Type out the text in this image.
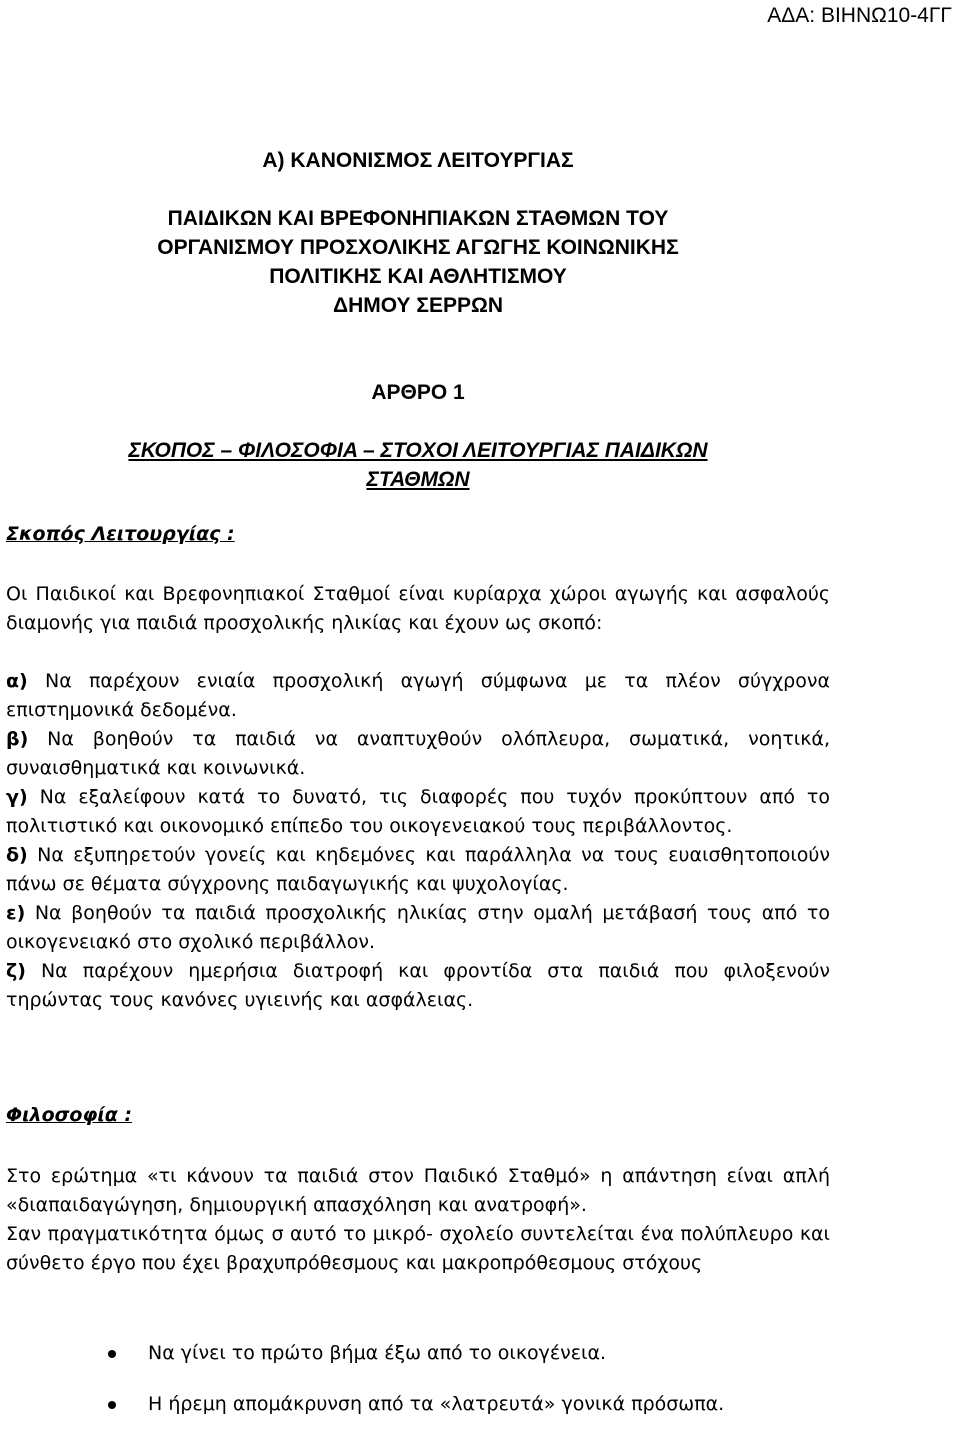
ΑΔΑ: ΒΙΗΝΩ10-4ΓΓ

Α) ΚΑΝΟΝΙΣΜΟΣ ΛΕΙΤΟΥΡΓΙΑΣ
ΠΑΙΔΙΚΩΝ ΚΑΙ ΒΡΕΦΟΝΗΠΙΑΚΩΝ ΣΤΑΘΜΩΝ ΤΟΥ
ΟΡΓΑΝΙΣΜΟΥ ΠΡΟΣΧΟΛΙΚΗΣ ΑΓΩΓΗΣ ΚΟΙΝΩΝΙΚΗΣ
ΠΟΛΙΤΙΚΗΣ ΚΑΙ ΑΘΛΗΤΙΣΜΟΥ
ΔΗΜΟΥ ΣΕΡΡΩΝ
ΑΡΘΡΟ 1
ΣΚΟΠΟΣ – ΦΙΛΟΣΟΦΙΑ – ΣΤΟΧΟΙ ΛΕΙΤΟΥΡΓΙΑΣ ΠΑΙΔΙΚΩΝ
ΣΤΑΘΜΩΝ
Σκοπός Λειτουργίας :

Οι Παιδικοί και Βρεφονηπιακοί Σταθμοί είναι κυρίαρχα χώροι αγωγής και ασφαλούς διαμονής για παιδιά προσχολικής ηλικίας και έχουν ως σκοπό:

α) Να παρέχουν ενιαία προσχολική αγωγή σύμφωνα με τα πλέον σύγχρονα επιστημονικά δεδομένα.

β) Να βοηθούν τα παιδιά να αναπτυχθούν ολόπλευρα, σωματικά, νοητικά, συναισθηματικά και κοινωνικά.

γ) Να εξαλείφουν κατά το δυνατό, τις διαφορές που τυχόν προκύπτουν από το πολιτιστικό και οικονομικό επίπεδο του οικογενειακού τους περιβάλλοντος.

δ) Να εξυπηρετούν γονείς και κηδεμόνες και παράλληλα να τους ευαισθητοποιούν πάνω σε θέματα σύγχρονης παιδαγωγικής και ψυχολογίας.

ε) Να βοηθούν τα παιδιά προσχολικής ηλικίας στην ομαλή μετάβασή τους από το οικογενειακό στο σχολικό περιβάλλον.

ζ) Να παρέχουν ημερήσια διατροφή και φροντίδα στα παιδιά που φιλοξενούν τηρώντας τους κανόνες υγιεινής και ασφάλειας.

Φιλοσοφία :

Στο ερώτημα «τι κάνουν τα παιδιά στον Παιδικό Σταθμό» η απάντηση είναι απλή «διαπαιδαγώγηση, δημιουργική απασχόληση και ανατροφή».

Σαν πραγματικότητα όμως σ αυτό το μικρό- σχολείο συντελείται ένα πολύπλευρο και σύνθετο έργο που έχει βραχυπρόθεσμους και μακροπρόθεσμους στόχους

Να γίνει το πρώτο βήμα έξω από το οικογένεια.
Η ήρεμη απομάκρυνση από τα «λατρευτά» γονικά πρόσωπα.
